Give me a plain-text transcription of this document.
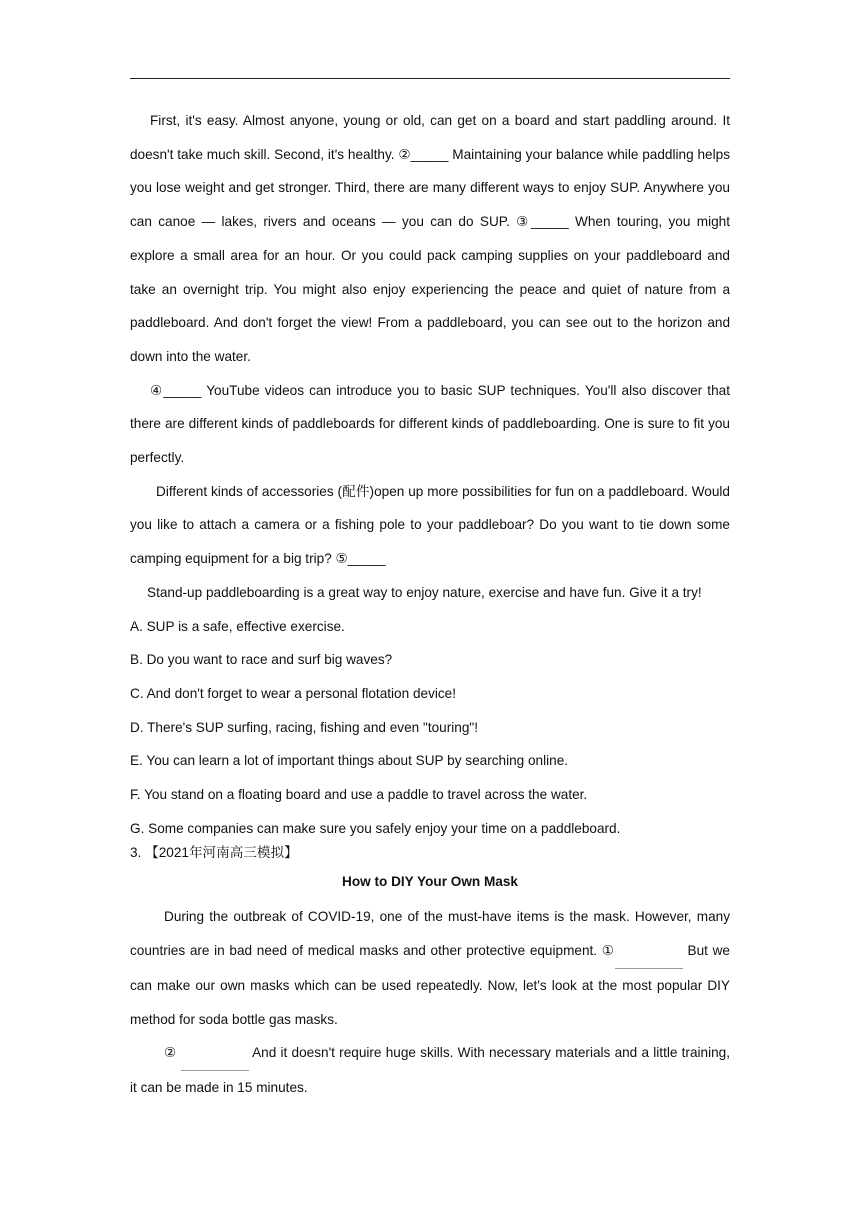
First, it's easy. Almost anyone, young or old, can get on a board and start paddling around. It doesn't take much skill. Second, it's healthy. ②_____ Maintaining your balance while paddling helps you lose weight and get stronger. Third, there are many different ways to enjoy SUP. Anywhere you can canoe — lakes, rivers and oceans — you can do SUP. ③_____ When touring, you might explore a small area for an hour. Or you could pack camping supplies on your paddleboard and take an overnight trip. You might also enjoy experiencing the peace and quiet of nature from a paddleboard. And don't forget the view! From a paddleboard, you can see out to the horizon and down into the water.

④_____ YouTube videos can introduce you to basic SUP techniques. You'll also discover that there are different kinds of paddleboards for different kinds of paddleboarding. One is sure to fit you perfectly.

Different kinds of accessories (配件)open up more possibilities for fun on a paddleboard. Would you like to attach a camera or a fishing pole to your paddleboar? Do you want to tie down some camping equipment for a big trip? ⑤_____

Stand-up paddleboarding is a great way to enjoy nature, exercise and have fun. Give it a try!

A. SUP is a safe, effective exercise.

B. Do you want to race and surf big waves?

C. And don't forget to wear a personal flotation device!

D. There's SUP surfing, racing, fishing and even "touring"!

E. You can learn a lot of important things about SUP by searching online.

F. You stand on a floating board and use a paddle to travel across the water.

G. Some companies can make sure you safely enjoy your time on a paddleboard.

3. 【2021年河南高三模拟】

How to DIY Your Own Mask

During the outbreak of COVID-19, one of the must-have items is the mask. However, many countries are in bad need of medical masks and other protective equipment. ①	But we can make our own masks which can be used repeatedly. Now, let's look at the most popular DIY method for soda bottle gas masks.

②	And it doesn't require huge skills. With necessary materials and a little training, it can be made in 15 minutes.
